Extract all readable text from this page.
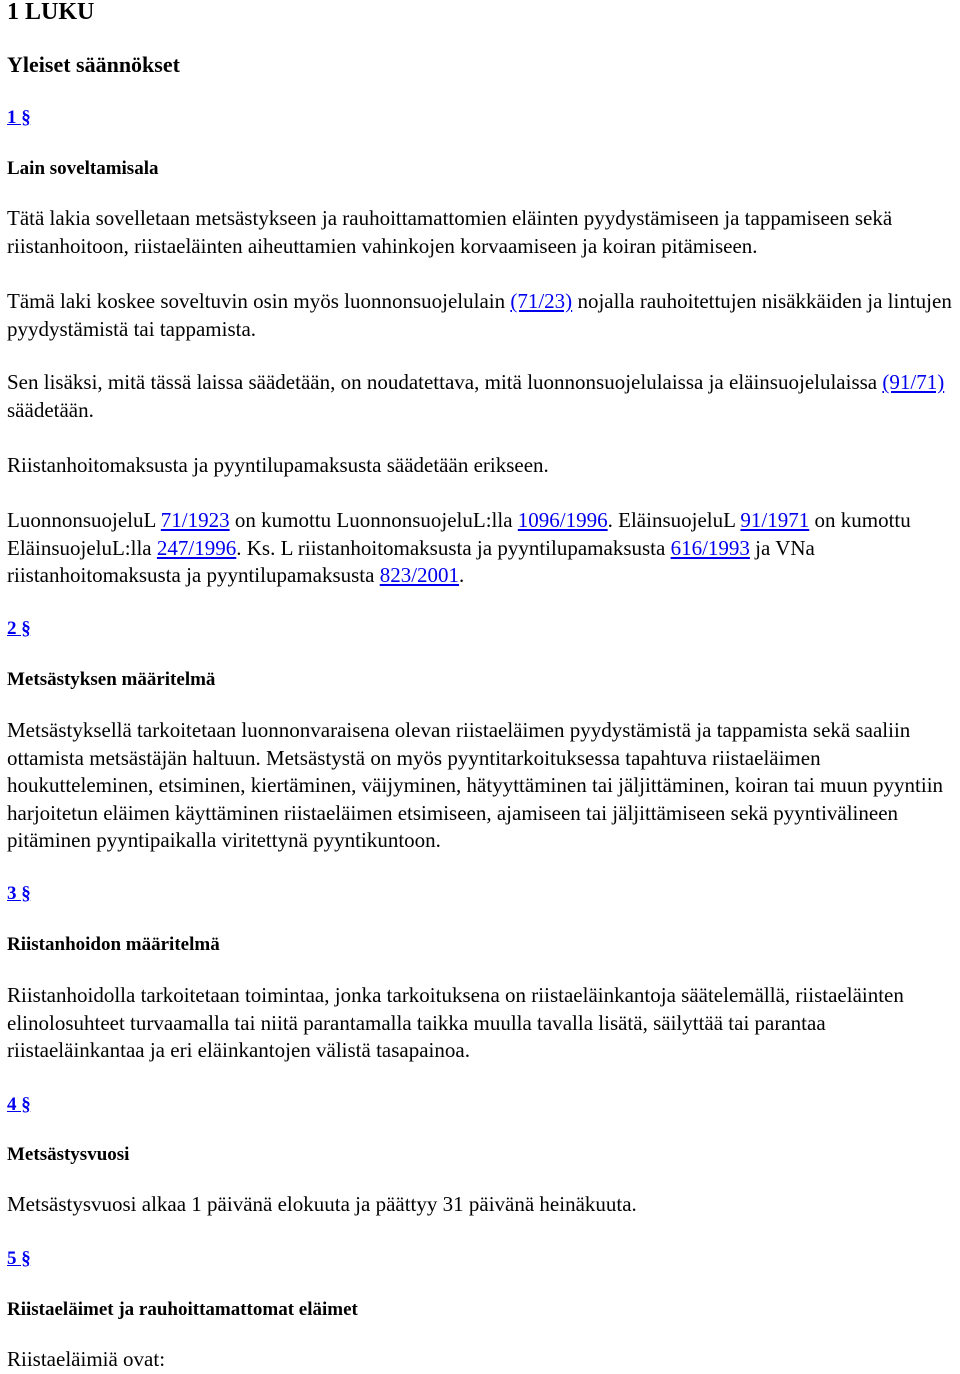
1 LUKU
Yleiset säännökset
1 §
Lain soveltamisala

Tätä lakia sovelletaan metsästykseen ja rauhoittamattomien eläinten pyydystämiseen ja tappamiseen sekä riistanhoitoon, riistaeläinten aiheuttamien vahinkojen korvaamiseen ja koiran pitämiseen.

Tämä laki koskee soveltuvin osin myös luonnonsuojelulain (71/23) nojalla rauhoitettujen nisäkkäiden ja lintujen pyydystämistä tai tappamista.

Sen lisäksi, mitä tässä laissa säädetään, on noudatettava, mitä luonnonsuojelulaissa ja eläinsuojelulaissa (91/71) säädetään.

Riistanhoitomaksusta ja pyyntilupamaksusta säädetään erikseen.

LuonnonsuojeluL 71/1923 on kumottu LuonnonsuojeluL:lla 1096/1996. EläinsuojeluL 91/1971 on kumottu EläinsuojeluL:lla 247/1996. Ks. L riistanhoitomaksusta ja pyyntilupamaksusta 616/1993 ja VNa riistanhoitomaksusta ja pyyntilupamaksusta 823/2001.

2 §
Metsästyksen määritelmä

Metsästyksellä tarkoitetaan luonnonvaraisena olevan riistaeläimen pyydystämistä ja tappamista sekä saaliin ottamista metsästäjän haltuun. Metsästystä on myös pyyntitarkoituksessa tapahtuva riistaeläimen houkutteleminen, etsiminen, kiertäminen, väijyminen, hätyyttäminen tai jäljittäminen, koiran tai muun pyyntiin harjoitetun eläimen käyttäminen riistaeläimen etsimiseen, ajamiseen tai jäljittämiseen sekä pyyntivälineen pitäminen pyyntipaikalla viritettynä pyyntikuntoon.

3 §
Riistanhoidon määritelmä

Riistanhoidolla tarkoitetaan toimintaa, jonka tarkoituksena on riistaeläinkantoja säätelemällä, riistaeläinten elinolosuhteet turvaamalla tai niitä parantamalla taikka muulla tavalla lisätä, säilyttää tai parantaa riistaeläinkantaa ja eri eläinkantojen välistä tasapainoa.

4 §
Metsästysvuosi

Metsästysvuosi alkaa 1 päivänä elokuuta ja päättyy 31 päivänä heinäkuuta.

5 §
Riistaeläimet ja rauhoittamattomat eläimet

Riistaeläimiä ovat:
